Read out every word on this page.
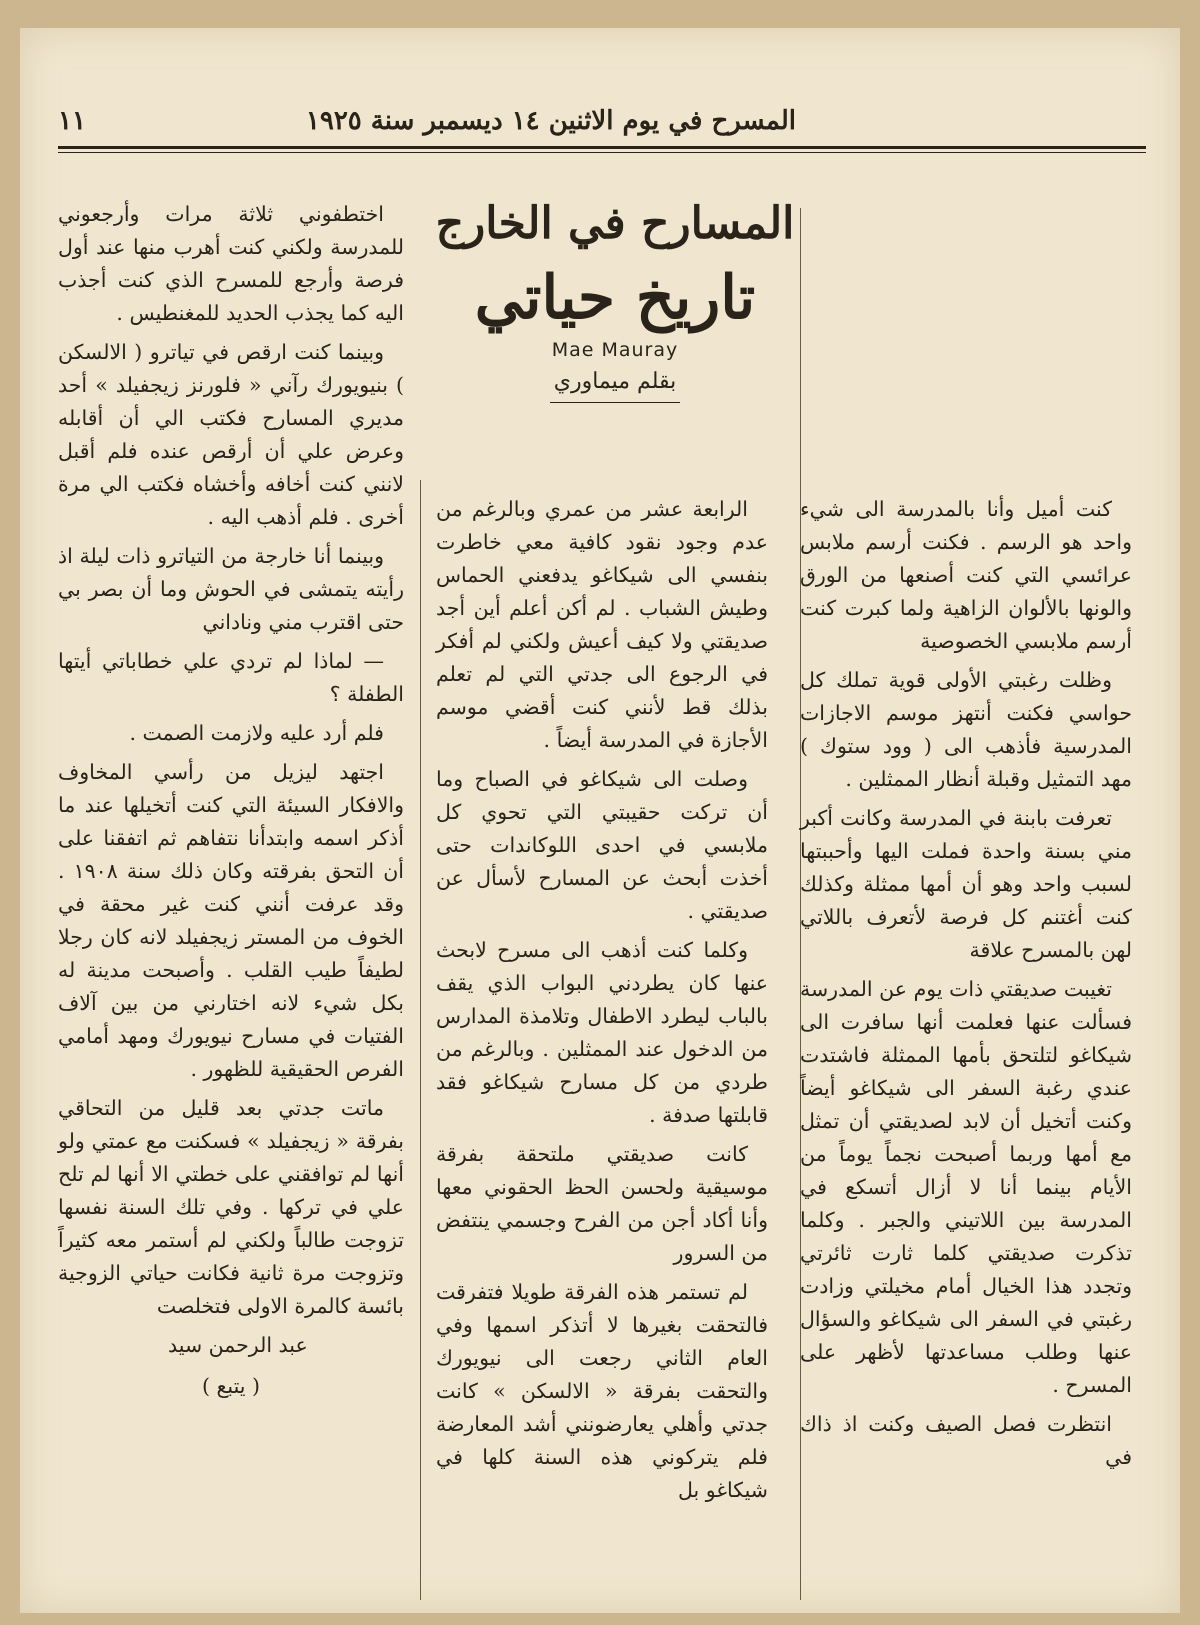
المسرح في يوم الاثنين ١٤ ديسمبر سنة ١٩٢٥
١١
المسارح في الخارج
تاريخ حياتي
Mae Mauray
بقلم ميماوري

كنت أميل وأنا بالمدرسة الى شيء واحد هو الرسم . فكنت أرسم ملابس عرائسي التي كنت أصنعها من الورق والونها بالألوان الزاهية ولما كبرت كنت أرسم ملابسي الخصوصية

وظلت رغبتي الأولى قوية تملك كل حواسي فكنت أنتهز موسم الاجازات المدرسية فأذهب الى ( وود ستوك ) مهد التمثيل وقبلة أنظار الممثلين .

تعرفت بابنة في المدرسة وكانت أكبر مني بسنة واحدة فملت اليها وأحببتها لسبب واحد وهو أن أمها ممثلة وكذلك كنت أغتنم كل فرصة لأتعرف باللاتي لهن بالمسرح علاقة

تغيبت صديقتي ذات يوم عن المدرسة فسألت عنها فعلمت أنها سافرت الى شيكاغو لتلتحق بأمها الممثلة فاشتدت عندي رغبة السفر الى شيكاغو أيضاً وكنت أتخيل أن لابد لصديقتي أن تمثل مع أمها وربما أصبحت نجماً يوماً من الأيام بينما أنا لا أزال أتسكع في المدرسة بين اللاتيني والجبر . وكلما تذكرت صديقتي كلما ثارت ثائرتي وتجدد هذا الخيال أمام مخيلتي وزادت رغبتي في السفر الى شيكاغو والسؤال عنها وطلب مساعدتها لأظهر على المسرح .

انتظرت فصل الصيف وكنت اذ ذاك في

الرابعة عشر من عمري وبالرغم من عدم وجود نقود كافية معي خاطرت بنفسي الى شيكاغو يدفعني الحماس وطيش الشباب . لم أكن أعلم أين أجد صديقتي ولا كيف أعيش ولكني لم أفكر في الرجوع الى جدتي التي لم تعلم بذلك قط لأنني كنت أقضي موسم الأجازة في المدرسة أيضاً .

وصلت الى شيكاغو في الصباح وما أن تركت حقيبتي التي تحوي كل ملابسي في احدى اللوكاندات حتى أخذت أبحث عن المسارح لأسأل عن صديقتي .

وكلما كنت أذهب الى مسرح لابحث عنها كان يطردني البواب الذي يقف بالباب ليطرد الاطفال وتلامذة المدارس من الدخول عند الممثلين . وبالرغم من طردي من كل مسارح شيكاغو فقد قابلتها صدفة .

كانت صديقتي ملتحقة بفرقة موسيقية ولحسن الحظ الحقوني معها وأنا أكاد أجن من الفرح وجسمي ينتفض من السرور

لم تستمر هذه الفرقة طويلا فتفرقت فالتحقت بغيرها لا أتذكر اسمها وفي العام الثاني رجعت الى نيويورك والتحقت بفرقة « الالسكن » كانت جدتي وأهلي يعارضونني أشد المعارضة فلم يتركوني هذه السنة كلها في شيكاغو بل

اختطفوني ثلاثة مرات وأرجعوني للمدرسة ولكني كنت أهرب منها عند أول فرصة وأرجع للمسرح الذي كنت أجذب اليه كما يجذب الحديد للمغنطيس .

وبينما كنت ارقص في تياترو ( الالسكن ) بنيويورك رآني « فلورنز زيجفيلد » أحد مديري المسارح فكتب الي أن أقابله وعرض علي أن أرقص عنده فلم أقبل لانني كنت أخافه وأخشاه فكتب الي مرة أخرى . فلم أذهب اليه .

وبينما أنا خارجة من التياترو ذات ليلة اذ رأيته يتمشى في الحوش وما أن بصر بي حتى اقترب مني وناداني

— لماذا لم تردي علي خطاباتي أيتها الطفلة ؟

فلم أرد عليه ولازمت الصمت .

اجتهد ليزيل من رأسي المخاوف والافكار السيئة التي كنت أتخيلها عند ما أذكر اسمه وابتدأنا نتفاهم ثم اتفقنا على أن التحق بفرقته وكان ذلك سنة ١٩٠٨ . وقد عرفت أنني كنت غير محقة في الخوف من المستر زيجفيلد لانه كان رجلا لطيفاً طيب القلب . وأصبحت مدينة له بكل شيء لانه اختارني من بين آلاف الفتيات في مسارح نيويورك ومهد أمامي الفرص الحقيقية للظهور .

ماتت جدتي بعد قليل من التحاقي بفرقة « زيجفيلد » فسكنت مع عمتي ولو أنها لم توافقني على خطتي الا أنها لم تلح علي في تركها . وفي تلك السنة نفسها تزوجت طالباً ولكني لم أستمر معه كثيراً وتزوجت مرة ثانية فكانت حياتي الزوجية بائسة كالمرة الاولى فتخلصت

عبد الرحمن سيد
( يتبع )
